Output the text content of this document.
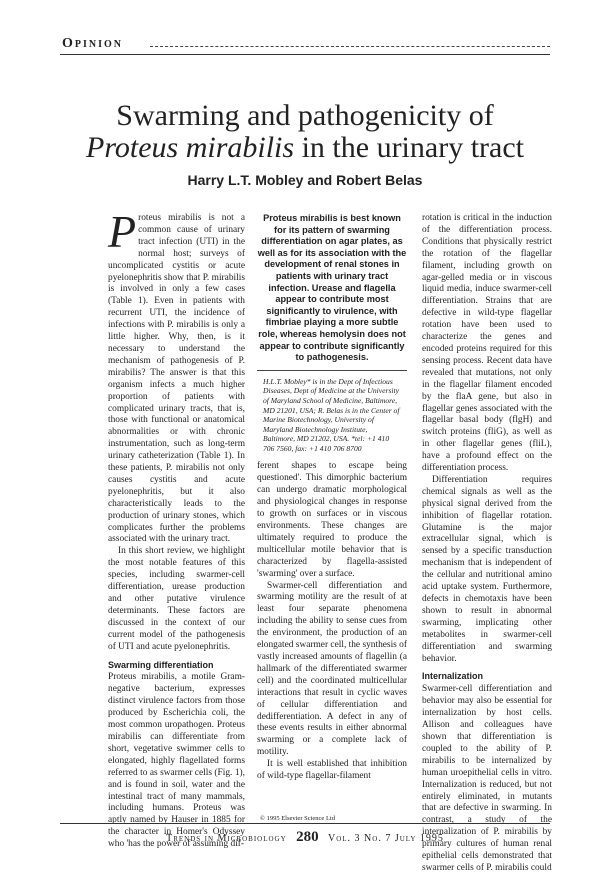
Opinion
Swarming and pathogenicity of
Proteus mirabilis in the urinary tract
Harry L.T. Mobley and Robert Belas

Proteus mirabilis is not a common cause of urinary tract infection (UTI) in the normal host; surveys of uncomplicated cystitis or acute pyelonephritis show that P. mirabilis is involved in only a few cases (Table 1). Even in patients with recurrent UTI, the incidence of infections with P. mirabilis is only a little higher. Why, then, is it necessary to understand the mechanism of pathogenesis of P. mirabilis? The answer is that this organism infects a much higher proportion of patients with complicated urinary tracts, that is, those with functional or anatomical abnormalities or with chronic instrumentation, such as long-term urinary catheterization (Table 1). In these patients, P. mirabilis not only causes cystitis and acute pyelonephritis, but it also characteristically leads to the production of urinary stones, which complicates further the problems associated with the urinary tract.

In this short review, we highlight the most notable features of this species, including swarmer-cell differentiation, urease production and other putative virulence determinants. These factors are discussed in the context of our current model of the pathogenesis of UTI and acute pyelonephritis.

Swarming differentiation

Proteus mirabilis, a motile Gram-negative bacterium, expresses distinct virulence factors from those produced by Escherichia coli, the most common uropathogen. Proteus mirabilis can differentiate from short, vegetative swimmer cells to elongated, highly flagellated forms referred to as swarmer cells (Fig. 1), and is found in soil, water and the intestinal tract of many mammals, including humans. Proteus was aptly named by Hauser in 1885 for the character in Homer's Odyssey who 'has the power of assuming dif-

Proteus mirabilis is best known for its pattern of swarming differentiation on agar plates, as well as for its association with the development of renal stones in patients with urinary tract infection. Urease and flagella appear to contribute most significantly to virulence, with fimbriae playing a more subtle role, whereas hemolysin does not appear to contribute significantly to pathogenesis.
H.L.T. Mobley* is in the Dept of Infectious Diseases, Dept of Medicine at the University of Maryland School of Medicine, Baltimore, MD 21201, USA; R. Belas is in the Center of Marine Biotechnology, University of Maryland Biotechnology Institute, Baltimore, MD 21202, USA. *tel: +1 410 706 7560, fax: +1 410 706 8700

ferent shapes to escape being questioned'. This dimorphic bacterium can undergo dramatic morphological and physiological changes in response to growth on surfaces or in viscous environments. These changes are ultimately required to produce the multicellular motile behavior that is characterized by flagella-assisted 'swarming' over a surface.

Swarmer-cell differentiation and swarming motility are the result of at least four separate phenomena including the ability to sense cues from the environment, the production of an elongated swarmer cell, the synthesis of vastly increased amounts of flagellin (a hallmark of the differentiated swarmer cell) and the coordinated multicellular interactions that result in cyclic waves of cellular differentiation and dedifferentiation. A defect in any of these events results in either abnormal swarming or a complete lack of motility.

It is well established that inhibition of wild-type flagellar-filament

rotation is critical in the induction of the differentiation process. Conditions that physically restrict the rotation of the flagellar filament, including growth on agar-gelled media or in viscous liquid media, induce swarmer-cell differentiation. Strains that are defective in wild-type flagellar rotation have been used to characterize the genes and encoded proteins required for this sensing process. Recent data have revealed that mutations, not only in the flagellar filament encoded by the flaA gene, but also in flagellar genes associated with the flagellar basal body (flgH) and switch proteins (fliG), as well as in other flagellar genes (fliL), have a profound effect on the differentiation process.

Differentiation requires chemical signals as well as the physical signal derived from the inhibition of flagellar rotation. Glutamine is the major extracellular signal, which is sensed by a specific transduction mechanism that is independent of the cellular and nutritional amino acid uptake system. Furthermore, defects in chemotaxis have been shown to result in abnormal swarming, implicating other metabolites in swarmer-cell differentiation and swarming behavior.

Internalization

Swarmer-cell differentiation and behavior may also be essential for internalization by host cells. Allison and colleagues have shown that differentiation is coupled to the ability of P. mirabilis to be internalized by human uroepithelial cells in vitro. Internalization is reduced, but not entirely eliminated, in mutants that are defective in swarming. In contrast, a study of the internalization of P. mirabilis by primary cultures of human renal epithelial cells demonstrated that swarmer cells of P. mirabilis could

© 1995 Elsevier Science Ltd
Trends in Microbiology 280 Vol. 3 No. 7 July 1995
